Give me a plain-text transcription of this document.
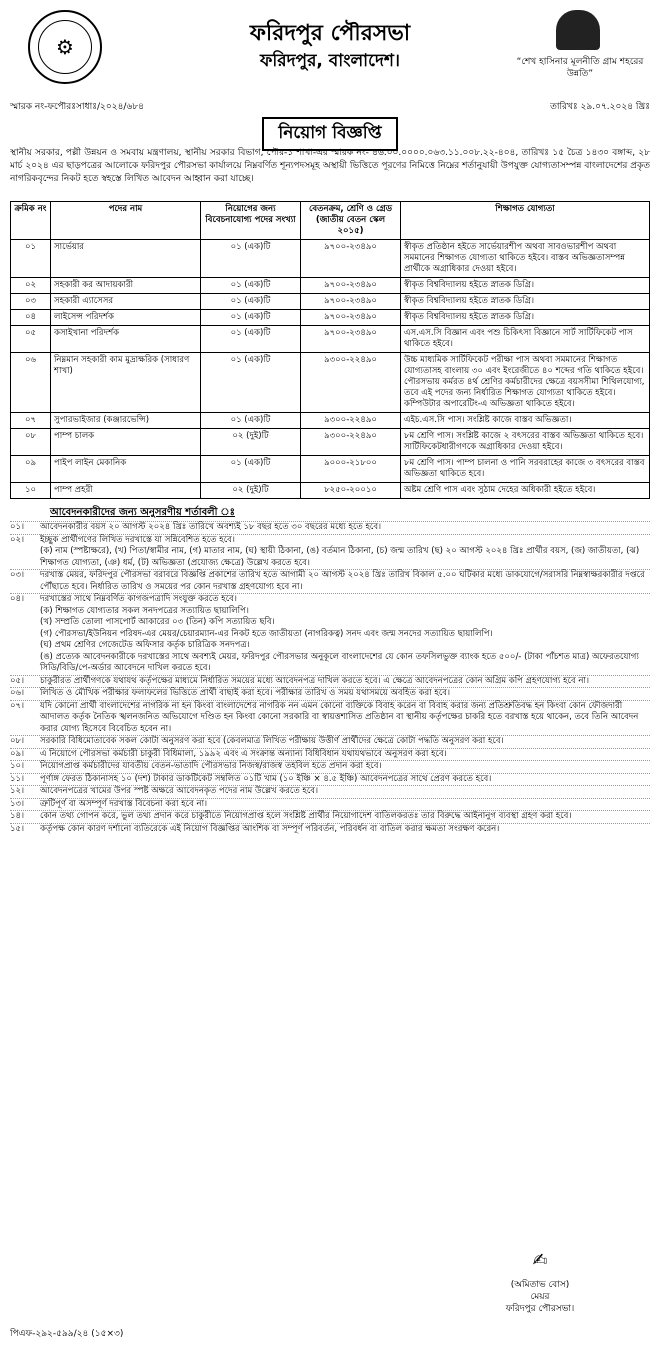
⚙
ফরিদপুর পৌরসভা
ফরিদপুর, বাংলাদেশ।	“শেখ হাসিনার মূলনীতি গ্রাম শহরের উন্নতি”
স্মারক নং-ফপৌরঃসাধাঃ/২০২৪/৬৮৪	তারিখঃ ২৯.০৭.২০২৪ খ্রিঃ
নিয়োগ বিজ্ঞপ্তি
স্থানীয় সরকার, পল্লী উন্নয়ন ও সমবায় মন্ত্রণালয়, স্থানীয় সরকার বিভাগ, পৌর-১ শাখা-এর স্মারক নং- ৪৬.০০.০০০০.০৬৩.১১.০০৮.২২-৪০৪, তারিখঃ ১৫ চৈত্র ১৪৩০ বঙ্গাব্দ, ২৮ মার্চ ২০২৪ এর ছাড়পত্রের আলোকে ফরিদপুর পৌরসভা কার্যালয়ে নিম্নবর্ণিত শূন্যপদসমূহ অস্থায়ী ভিত্তিতে পূরণের নিমিত্তে নিম্নের শর্তানুযায়ী উপযুক্ত যোগ্যতাসম্পন্ন বাংলাদেশের প্রকৃত নাগরিকবৃন্দের নিকট হতে স্বহস্তে লিখিত আবেদন আহ্বান করা যাচ্ছে।
ক্রমিক নং	পদের নাম	নিয়োগের জন্য বিবেচনাযোগ্য পদের সংখ্যা	বেতনক্রম, শ্রেণি ও গ্রেড (জাতীয় বেতন স্কেল ২০১৫)	শিক্ষাগত যোগ্যতা
০১	সার্ভেয়ার	০১ (এক)টি	৯৭০০-২৩৪৯০	স্বীকৃত প্রতিষ্ঠান হইতে সার্ভেয়ারশীপ অথবা সাবওভারশীপ অথবা সমমানের শিক্ষাগত যোগ্যতা থাকিতে হইবে। বাস্তব অভিজ্ঞতাসম্পন্ন প্রার্থীকে অগ্রাধিকার দেওয়া হইবে।
০২	সহকারী কর আদায়কারী	০১ (এক)টি	৯৭০০-২৩৪৯০	স্বীকৃত বিশ্ববিদ্যালয় হইতে স্নাতক ডিগ্রি।
০৩	সহকারী এ্যাসেসর	০১ (এক)টি	৯৭০০-২৩৪৯০	স্বীকৃত বিশ্ববিদ্যালয় হইতে স্নাতক ডিগ্রি।
০৪	লাইসেন্স পরিদর্শক	০১ (এক)টি	৯৭০০-২৩৪৯০	স্বীকৃত বিশ্ববিদ্যালয় হইতে স্নাতক ডিগ্রি।
০৫	কসাইখানা পরিদর্শক	০১ (এক)টি	৯৭০০-২৩৪৯০	এস.এস.সি বিজ্ঞান এবং পশু চিকিৎসা বিজ্ঞানে সার্ট সার্টিফিকেট পাস থাকিতে হইবে।
০৬	নিম্নমান সহকারী কাম মুদ্রাক্ষরিক (সাধারণ শাখা)	০১ (এক)টি	৯৩০০-২২৪৯০	উচ্চ মাধ্যমিক সার্টিফিকেট পরীক্ষা পাস অথবা সমমানের শিক্ষাগত যোগ্যতাসহ বাংলায় ৩০ এবং ইংরেজীতে ৪০ শব্দের গতি থাকিতে হইবে। পৌরসভায় কর্মরত ৪র্থ শ্রেণির কর্মচারীদের ক্ষেত্রে বয়সসীমা শিথিলযোগ্য, তবে এই পদের জন্য নির্ধারিত শিক্ষাগত যোগ্যতা থাকিতে হইবে। কম্পিউটার অপারেটিং-এ অভিজ্ঞতা থাকিতে হইবে।
০৭	সুপারভাইজার (কঞ্জারভেন্সি)	০১ (এক)টি	৯৩০০-২২৪৯০	এইচ.এস.সি পাস। সংশ্লিষ্ট কাজে বাস্তব অভিজ্ঞতা।
০৮	পাম্প চালক	০২ (দুই)টি	৯৩০০-২২৪৯০	৮ম শ্রেণি পাস। সংশ্লিষ্ট কাজে ২ বৎসরের বাস্তব অভিজ্ঞতা থাকিতে হবে। সার্টিফিকেটধারীগণকে অগ্রাধিকার দেওয়া হইবে।
০৯	পাইপ লাইন মেকানিক	০১ (এক)টি	৯০০০-২১৮০০	৮ম শ্রেণি পাস। পাম্প চালনা ও পানি সরবরাহের কাজে ৩ বৎসরের বাস্তব অভিজ্ঞতা থাকিতে হবে।
১০	পাম্প প্রহরী	০২ (দুই)টি	৮২৫০-২০০১০	অষ্টম শ্রেণি পাস এবং সুঠাম দেহের অধিকারী হইতে হইবে।
আবেদনকারীদের জন্য অনুসরণীয় শর্তাবলী ঃ
০১।	আবেদনকারীর বয়স ২০ আগস্ট ২০২৪ খ্রিঃ তারিখে অবশ্যই ১৮ বছর হতে ৩০ বছরের মধ্যে হতে হবে।
০২।	ইচ্ছুক প্রার্থীগণের লিখিত দরখাস্তে যা সন্নিবেশিত হতে হবে।
(ক) নাম (স্পষ্টাক্ষরে), (খ) পিতা/স্বামীর নাম, (গ) মাতার নাম, (ঘ) স্থায়ী ঠিকানা, (ঙ) বর্তমান ঠিকানা, (চ) জন্ম তারিখ (ছ) ২০ আগস্ট ২০২৪ খ্রিঃ প্রার্থীর বয়স, (জ) জাতীয়তা, (ঝ) শিক্ষাগত যোগ্যতা, (ঞ) ধর্ম, (ট) অভিজ্ঞতা (প্রযোজ্য ক্ষেত্রে) উল্লেখ করতে হবে।
০৩।	দরখাস্ত মেয়র, ফরিদপুর পৌরসভা বরাবরে বিজ্ঞপ্তি প্রকাশের তারিখ হতে আগামী ২০ আগস্ট ২০২৪ খ্রিঃ তারিখ বিকাল ৫.০০ ঘটিকার মধ্যে ডাকযোগে/সরাসরি নিম্নস্বাক্ষরকারীর দপ্তরে পৌঁছাতে হবে। নির্ধারিত তারিখ ও সময়ের পর কোন দরখাস্ত গ্রহণযোগ্য হবে না।
০৪।	দরখাস্তের সাথে নিম্নবর্ণিত কাগজপত্রাদি সংযুক্ত করতে হবে।
(ক) শিক্ষাগত যোগ্যতার সকল সনদপত্রের সত্যায়িত ছায়ালিপি।
(খ) সম্প্রতি তোলা পাসপোর্ট আকারের ০৩ (তিন) কপি সত্যায়িত ছবি।
(গ) পৌরসভা/ইউনিয়ন পরিষদ-এর মেয়র/চেয়ারম্যান-এর নিকট হতে জাতীয়তা (নাগরিকত্ব) সনদ এবং জন্ম সনদের সত্যায়িত ছায়ালিপি।
(ঘ) প্রথম শ্রেণির গেজেটেড অফিসার কর্তৃক চারিত্রিক সনদপত্র।
(ঙ) প্রত্যেক আবেদনকারীকে দরখাস্তের সাথে অবশ্যই মেয়র, ফরিদপুর পৌরসভার অনুকূলে বাংলাদেশের যে কোন তফসিলভুক্ত ব্যাংক হতে ৫০০/- (টাকা পাঁচশত মাত্র) অফেরতযোগ্য সিডি/বিডি/পে-অর্ডার আবেদনে দাখিল করতে হবে।
০৫।	চাকুরীরত প্রার্থীগণকে যথাযথ কর্তৃপক্ষের মাধ্যমে নির্ধারিত সময়ের মধ্যে আবেদনপত্র দাখিল করতে হবে। এ ক্ষেত্রে আবেদনপত্রের কোন অগ্রিম কপি গ্রহণযোগ্য হবে না।
০৬।	লিখিত ও মৌখিক পরীক্ষার ফলাফলের ভিত্তিতে প্রার্থী বাছাই করা হবে। পরীক্ষার তারিখ ও সময় যথাসময়ে অবহিত করা হবে।
০৭।	যদি কোনো প্রার্থী বাংলাদেশের নাগরিক না হন কিংবা বাংলাদেশের নাগরিক নন এমন কোনো ব্যক্তিকে বিবাহ করেন বা বিবাহ করার জন্য প্রতিশ্রুতিবদ্ধ হন কিংবা কোন ফৌজদারী আদালত কর্তৃক নৈতিক স্খলনজনিত অভিযোগে দণ্ডিত হন কিংবা কোনো সরকারি বা স্বায়ত্তশাসিত প্রতিষ্ঠান বা স্থানীয় কর্তৃপক্ষের চাকরি হতে বরখাস্ত হয়ে থাকেন, তবে তিনি আবেদন করার যোগ্য হিসেবে বিবেচিত হবেন না।
০৮।	সরকারি বিধিমোতাবেক সকল কোটা অনুসরণ করা হবে (কেবলমাত্র লিখিত পরীক্ষায় উত্তীর্ণ প্রার্থীদের ক্ষেত্রে কোটা পদ্ধতি অনুসরণ করা হবে।
০৯।	এ নিয়োগে পৌরসভা কর্মচারী চাকুরী বিধিমালা, ১৯৯২ এবং এ সংক্রান্ত অন্যান্য বিধিবিধান যথাযথভাবে অনুসরণ করা হবে।
১০।	নিয়োগপ্রাপ্ত কর্মচারীদের যাবতীয় বেতন-ভাতাদি পৌরসভার নিজস্ব/রাজস্ব তহবিল হতে প্রদান করা হবে।
১১।	পূর্ণাঙ্গ ফেরত ঠিকানাসহ ১০ (দশ) টাকার ডাকটিকেট সম্বলিত ০১টি খাম (১০ ইঞ্চি × ৪.৫ ইঞ্চি) আবেদনপত্রের সাথে প্রেরণ করতে হবে।
১২।	আবেদনপত্রের খামের উপর স্পষ্ট অক্ষরে আবেদনকৃত পদের নাম উল্লেখ করতে হবে।
১৩।	ত্রুটিপূর্ণ বা অসম্পূর্ণ দরখাস্ত বিবেচনা করা হবে না।
১৪।	কোন তথ্য গোপন করে, ভুল তথ্য প্রদান করে চাকুরীতে নিয়োগপ্রাপ্ত হলে সংশ্লিষ্ট প্রার্থীর নিয়োগাদেশ বাতিলকরতঃ তার বিরুদ্ধে আইনানুগ ব্যবস্থা গ্রহণ করা হবে।
১৫।	কর্তৃপক্ষ কোন কারণ দর্শানো ব্যতিরেকে এই নিয়োগ বিজ্ঞপ্তির আংশিক বা সম্পূর্ণ পরিবর্তন, পরিবর্ধন বা বাতিল করার ক্ষমতা সংরক্ষণ করেন।
✍
(অমিতাভ বোস)
মেয়র
ফরিদপুর পৌরসভা।
পিএফ-২৯২-৫৯৯/২৪ (১৫×৩)
